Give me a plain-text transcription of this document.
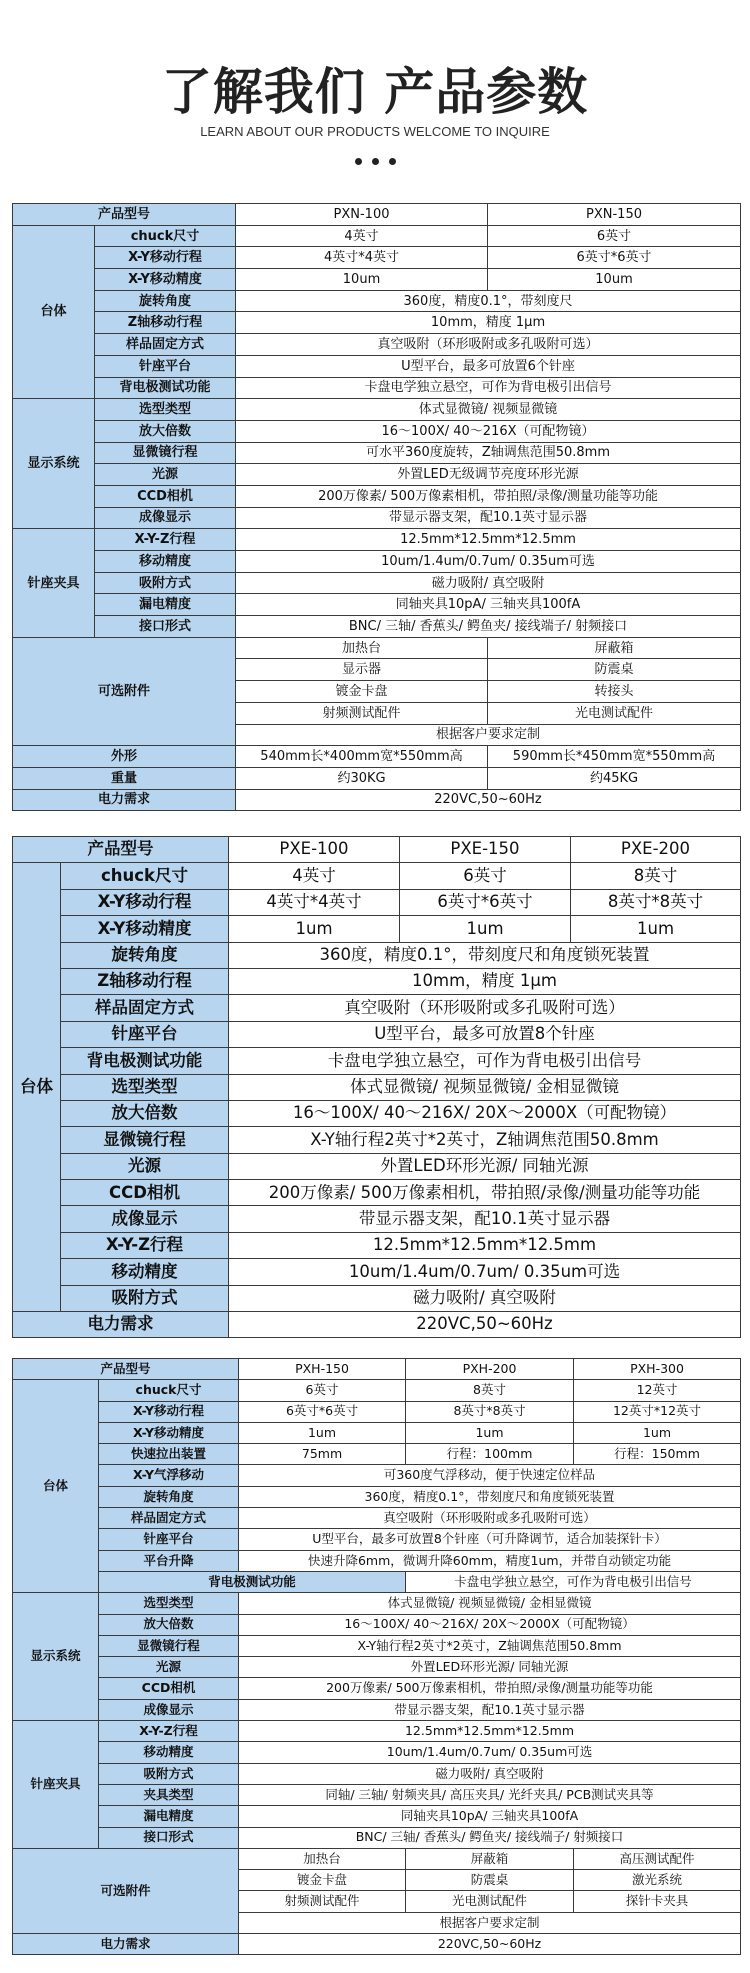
了解我们 产品参数
LEARN ABOUT OUR PRODUCTS WELCOME TO INQUIRE
产品型号		PXN-100	PXN-150
台体	chuck尺寸	4英寸	6英寸
	X-Y移动行程	4英寸*4英寸	6英寸*6英寸
	X-Y移动精度	10um	10um
	旋转角度	360度，精度0.1°，带刻度尺	
	Z轴移动行程	10mm，精度 1μm	
	样品固定方式	真空吸附（环形吸附或多孔吸附可选）	
	针座平台	U型平台，最多可放置6个针座	
	背电极测试功能	卡盘电学独立悬空，可作为背电极引出信号	
显示系统	选型类型	体式显微镜/ 视频显微镜	
	放大倍数	16～100X/ 40～216X（可配物镜）	
	显微镜行程	可水平360度旋转，Z轴调焦范围50.8mm	
	光源	外置LED无级调节亮度环形光源	
	CCD相机	200万像素/ 500万像素相机，带拍照/录像/测量功能等功能	
	成像显示	带显示器支架，配10.1英寸显示器	
针座夹具	X-Y-Z行程	12.5mm*12.5mm*12.5mm	
	移动精度	10um/1.4um/0.7um/ 0.35um可选	
	吸附方式	磁力吸附/ 真空吸附	
	漏电精度	同轴夹具10pA/ 三轴夹具100fA	
	接口形式	BNC/ 三轴/ 香蕉头/ 鳄鱼夹/ 接线端子/ 射频接口	
可选附件		加热台	屏蔽箱
		显示器	防震桌
		镀金卡盘	转接头
		射频测试配件	光电测试配件
		根据客户要求定制	
外形		540mm长*400mm宽*550mm高	590mm长*450mm宽*550mm高
重量		约30KG	约45KG
电力需求		220VC,50~60Hz	
产品型号		PXE-100	PXE-150	PXE-200
台体	chuck尺寸	4英寸	6英寸	8英寸
	X-Y移动行程	4英寸*4英寸	6英寸*6英寸	8英寸*8英寸
	X-Y移动精度	1um	1um	1um
	旋转角度	360度，精度0.1°，带刻度尺和角度锁死装置		
	Z轴移动行程	10mm，精度 1μm		
	样品固定方式	真空吸附（环形吸附或多孔吸附可选）		
	针座平台	U型平台，最多可放置8个针座		
	背电极测试功能	卡盘电学独立悬空，可作为背电极引出信号		
	选型类型	体式显微镜/ 视频显微镜/ 金相显微镜		
	放大倍数	16～100X/ 40～216X/ 20X～2000X（可配物镜）		
	显微镜行程	X-Y轴行程2英寸*2英寸，Z轴调焦范围50.8mm		
	光源	外置LED环形光源/ 同轴光源		
	CCD相机	200万像素/ 500万像素相机，带拍照/录像/测量功能等功能		
	成像显示	带显示器支架，配10.1英寸显示器		
	X-Y-Z行程	12.5mm*12.5mm*12.5mm		
	移动精度	10um/1.4um/0.7um/ 0.35um可选		
	吸附方式	磁力吸附/ 真空吸附		
电力需求		220VC,50~60Hz		
产品型号		PXH-150	PXH-200	PXH-300
台体	chuck尺寸	6英寸	8英寸	12英寸
	X-Y移动行程	6英寸*6英寸	8英寸*8英寸	12英寸*12英寸
	X-Y移动精度	1um	1um	1um
	快速拉出装置	75mm	行程：100mm	行程：150mm
	X-Y气浮移动	可360度气浮移动，便于快速定位样品		
	旋转角度	360度，精度0.1°，带刻度尺和角度锁死装置		
	样品固定方式	真空吸附（环形吸附或多孔吸附可选）		
	针座平台	U型平台，最多可放置8个针座（可升降调节，适合加装探针卡）		
	平台升降	快速升降6mm，微调升降60mm，精度1um，并带自动锁定功能		
	背电极测试功能		卡盘电学独立悬空，可作为背电极引出信号	
显示系统	选型类型	体式显微镜/ 视频显微镜/ 金相显微镜		
	放大倍数	16～100X/ 40～216X/ 20X～2000X（可配物镜）		
	显微镜行程	X-Y轴行程2英寸*2英寸，Z轴调焦范围50.8mm		
	光源	外置LED环形光源/ 同轴光源		
	CCD相机	200万像素/ 500万像素相机，带拍照/录像/测量功能等功能		
	成像显示	带显示器支架，配10.1英寸显示器		
针座夹具	X-Y-Z行程	12.5mm*12.5mm*12.5mm		
	移动精度	10um/1.4um/0.7um/ 0.35um可选		
	吸附方式	磁力吸附/ 真空吸附		
	夹具类型	同轴/ 三轴/ 射频夹具/ 高压夹具/ 光纤夹具/ PCB测试夹具等		
	漏电精度	同轴夹具10pA/ 三轴夹具100fA		
	接口形式	BNC/ 三轴/ 香蕉头/ 鳄鱼夹/ 接线端子/ 射频接口		
可选附件		加热台	屏蔽箱	高压测试配件
		镀金卡盘	防震桌	激光系统
		射频测试配件	光电测试配件	探针卡夹具
		根据客户要求定制		
电力需求		220VC,50~60Hz		
